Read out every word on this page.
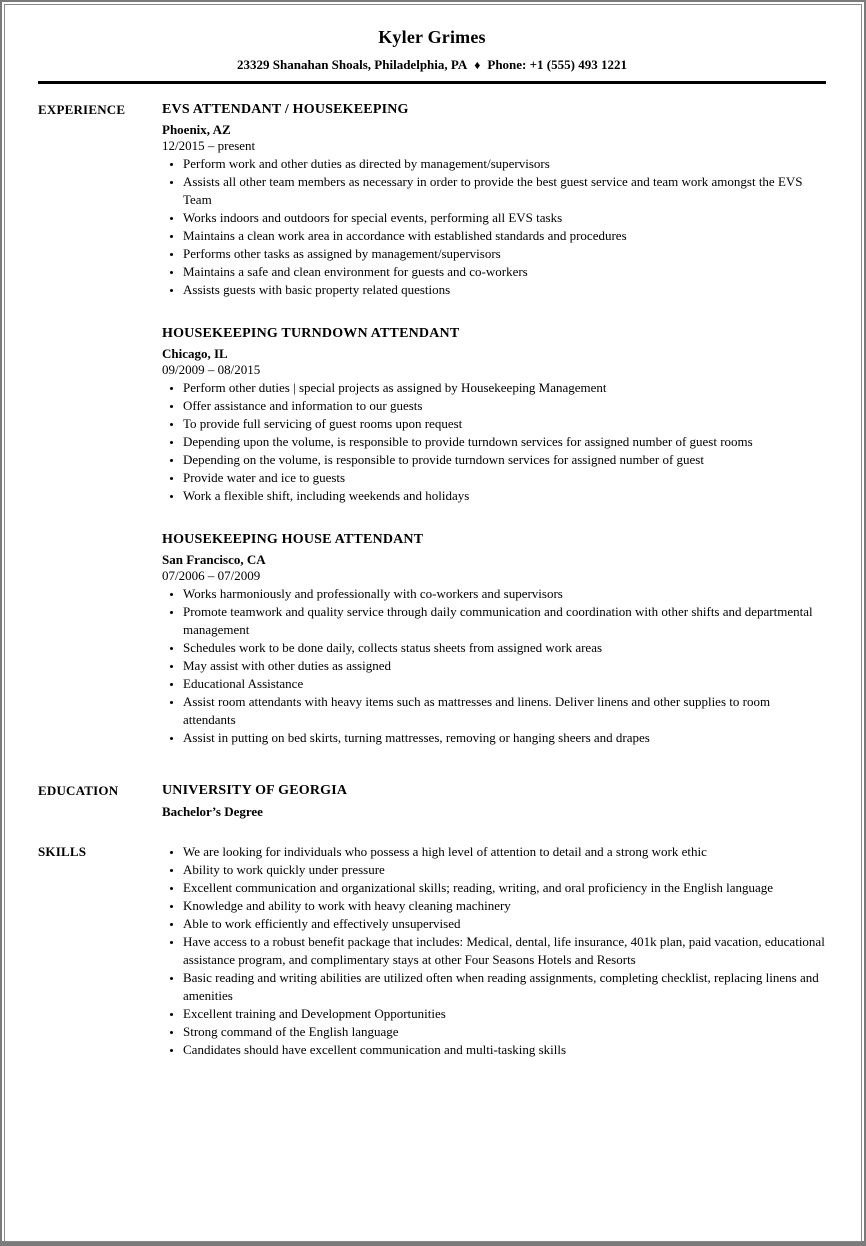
Kyler Grimes
23329 Shanahan Shoals, Philadelphia, PA ♦ Phone: +1 (555) 493 1221
EXPERIENCE	EVS ATTENDANT / HOUSEKEEPING
Phoenix, AZ
12/2015 – present
• Perform work and other duties as directed by management/supervisors
• Assists all other team members as necessary in order to provide the best guest service and team work amongst the EVS Team
• Works indoors and outdoors for special events, performing all EVS tasks
• Maintains a clean work area in accordance with established standards and procedures
• Performs other tasks as assigned by management/supervisors
• Maintains a safe and clean environment for guests and co-workers
• Assists guests with basic property related questions
HOUSEKEEPING TURNDOWN ATTENDANT
Chicago, IL
09/2009 – 08/2015
• Perform other duties | special projects as assigned by Housekeeping Management
• Offer assistance and information to our guests
• To provide full servicing of guest rooms upon request
• Depending upon the volume, is responsible to provide turndown services for assigned number of guest rooms
• Depending on the volume, is responsible to provide turndown services for assigned number of guest
• Provide water and ice to guests
• Work a flexible shift, including weekends and holidays
HOUSEKEEPING HOUSE ATTENDANT
San Francisco, CA
07/2006 – 07/2009
• Works harmoniously and professionally with co-workers and supervisors
• Promote teamwork and quality service through daily communication and coordination with other shifts and departmental management
• Schedules work to be done daily, collects status sheets from assigned work areas
• May assist with other duties as assigned
• Educational Assistance
• Assist room attendants with heavy items such as mattresses and linens. Deliver linens and other supplies to room attendants
• Assist in putting on bed skirts, turning mattresses, removing or hanging sheers and drapes
EDUCATION	UNIVERSITY OF GEORGIA
Bachelor’s Degree
SKILLS	• We are looking for individuals who possess a high level of attention to detail and a strong work ethic
• Ability to work quickly under pressure
• Excellent communication and organizational skills; reading, writing, and oral proficiency in the English language
• Knowledge and ability to work with heavy cleaning machinery
• Able to work efficiently and effectively unsupervised
• Have access to a robust benefit package that includes: Medical, dental, life insurance, 401k plan, paid vacation, educational assistance program, and complimentary stays at other Four Seasons Hotels and Resorts
• Basic reading and writing abilities are utilized often when reading assignments, completing checklist, replacing linens and amenities
• Excellent training and Development Opportunities
• Strong command of the English language
• Candidates should have excellent communication and multi-tasking skills
